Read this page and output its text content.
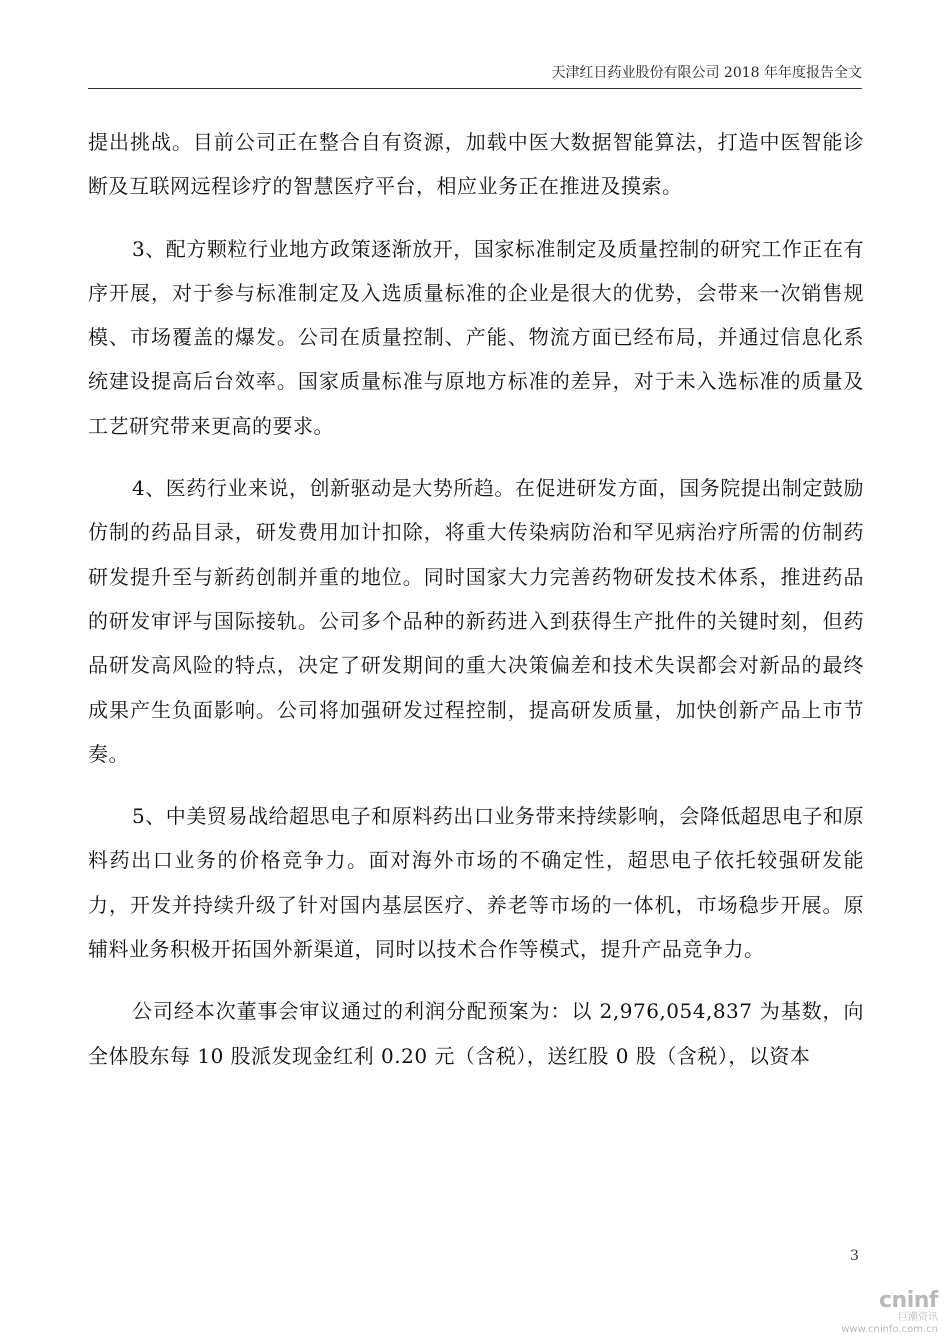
天津红日药业股份有限公司 2018 年年度报告全文

提出挑战。目前公司正在整合自有资源，加载中医大数据智能算法，打造中医智能诊断及互联网远程诊疗的智慧医疗平台，相应业务正在推进及摸索。

3、配方颗粒行业地方政策逐渐放开，国家标准制定及质量控制的研究工作正在有序开展，对于参与标准制定及入选质量标准的企业是很大的优势，会带来一次销售规模、市场覆盖的爆发。公司在质量控制、产能、物流方面已经布局，并通过信息化系统建设提高后台效率。国家质量标准与原地方标准的差异，对于未入选标准的质量及工艺研究带来更高的要求。

4、医药行业来说，创新驱动是大势所趋。在促进研发方面，国务院提出制定鼓励仿制的药品目录，研发费用加计扣除，将重大传染病防治和罕见病治疗所需的仿制药研发提升至与新药创制并重的地位。同时国家大力完善药物研发技术体系，推进药品的研发审评与国际接轨。公司多个品种的新药进入到获得生产批件的关键时刻，但药品研发高风险的特点，决定了研发期间的重大决策偏差和技术失误都会对新品的最终成果产生负面影响。公司将加强研发过程控制，提高研发质量，加快创新产品上市节奏。

5、中美贸易战给超思电子和原料药出口业务带来持续影响，会降低超思电子和原料药出口业务的价格竞争力。面对海外市场的不确定性，超思电子依托较强研发能力，开发并持续升级了针对国内基层医疗、养老等市场的一体机，市场稳步开展。原辅料业务积极开拓国外新渠道，同时以技术合作等模式，提升产品竞争力。

公司经本次董事会审议通过的利润分配预案为：以 2,976,054,837 为基数，向全体股东每 10 股派发现金红利 0.20 元（含税），送红股 0 股（含税），以资本

3
cninf
巨潮资讯
www.cninfo.com.cn
